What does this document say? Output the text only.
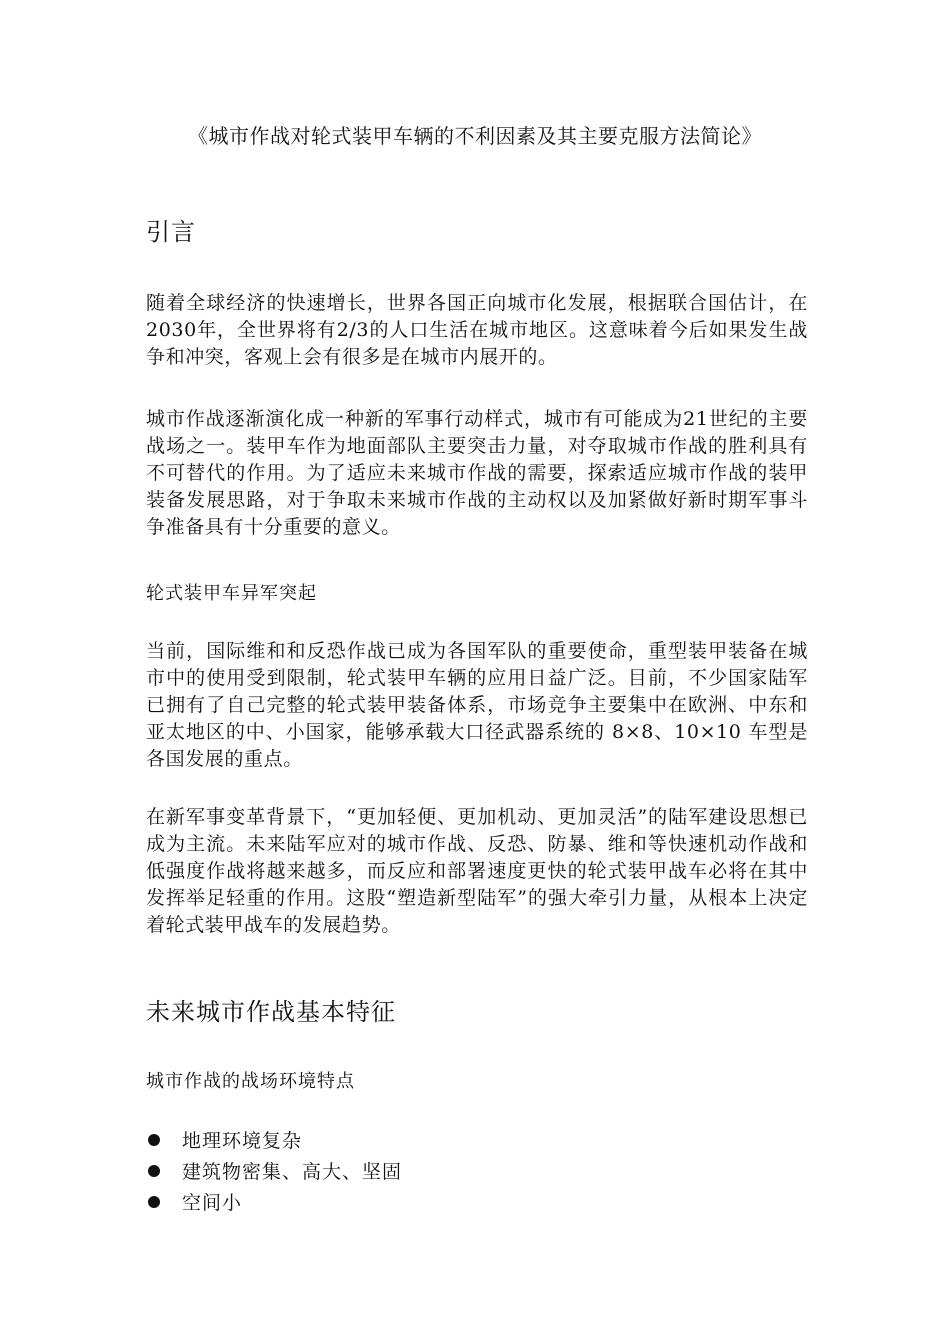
《城市作战对轮式装甲车辆的不利因素及其主要克服方法简论》
引言
随着全球经济的快速增长，世界各国正向城市化发展，根据联合国估计，在2030年，全世界将有2/3的人口生活在城市地区。这意味着今后如果发生战争和冲突，客观上会有很多是在城市内展开的。
城市作战逐渐演化成一种新的军事行动样式，城市有可能成为21世纪的主要战场之一。装甲车作为地面部队主要突击力量，对夺取城市作战的胜利具有不可替代的作用。为了适应未来城市作战的需要，探索适应城市作战的装甲装备发展思路，对于争取未来城市作战的主动权以及加紧做好新时期军事斗争准备具有十分重要的意义。
轮式装甲车异军突起
当前，国际维和和反恐作战已成为各国军队的重要使命，重型装甲装备在城市中的使用受到限制，轮式装甲车辆的应用日益广泛。目前，不少国家陆军已拥有了自己完整的轮式装甲装备体系，市场竞争主要集中在欧洲、中东和亚太地区的中、小国家，能够承载大口径武器系统的 8×8、10×10 车型是各国发展的重点。
在新军事变革背景下，“更加轻便、更加机动、更加灵活”的陆军建设思想已成为主流。未来陆军应对的城市作战、反恐、防暴、维和等快速机动作战和低强度作战将越来越多，而反应和部署速度更快的轮式装甲战车必将在其中发挥举足轻重的作用。这股“塑造新型陆军”的强大牵引力量，从根本上决定着轮式装甲战车的发展趋势。
未来城市作战基本特征
城市作战的战场环境特点
地理环境复杂
建筑物密集、高大、坚固
空间小
